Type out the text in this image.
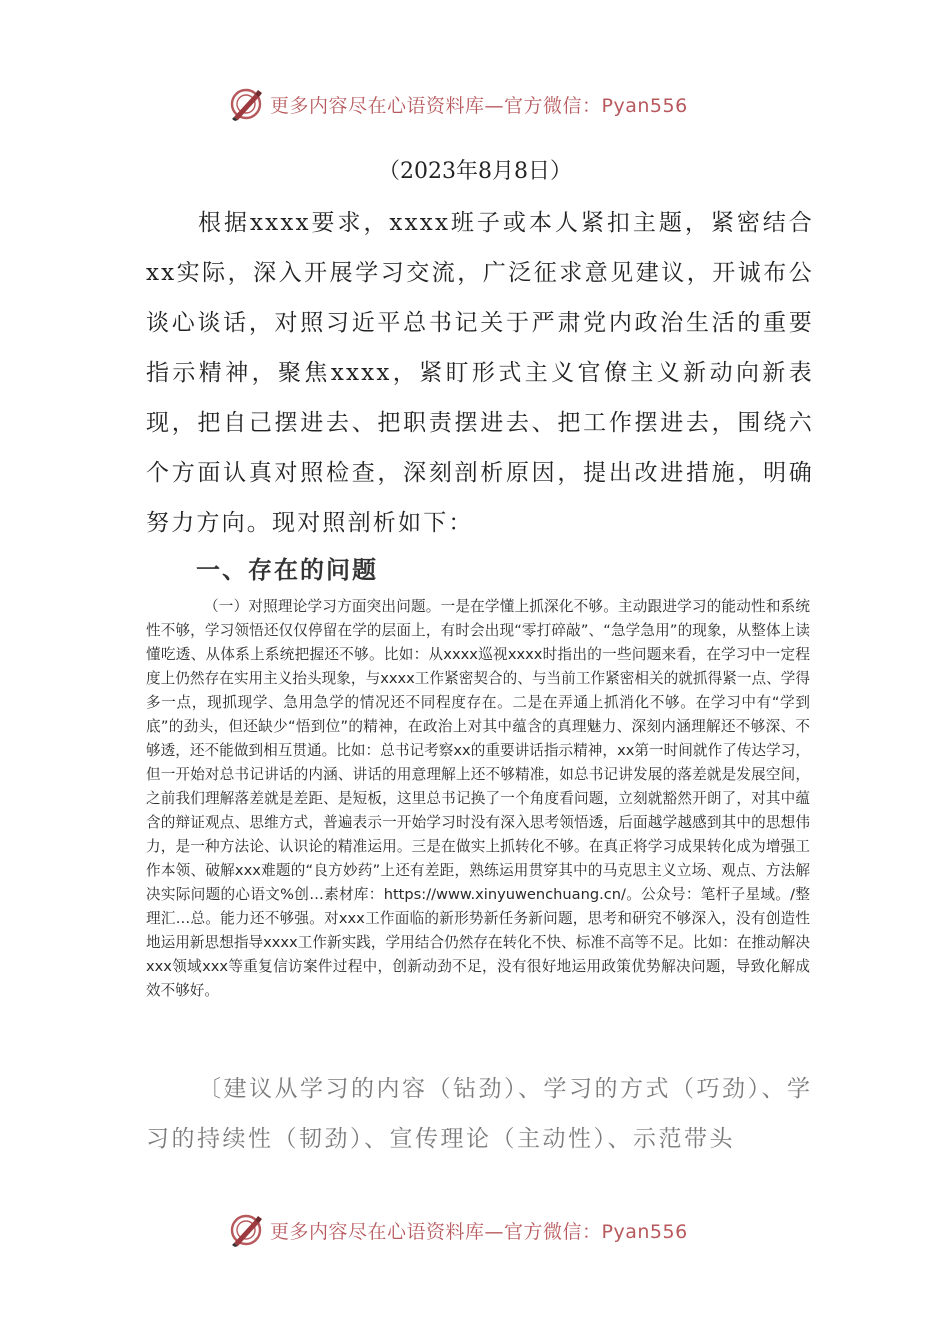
更多内容尽在心语资料库—官方微信：Pyan556
（2023年8月8日）

根据xxxx要求，xxxx班子或本人紧扣主题，紧密结合xx实际，深入开展学习交流，广泛征求意见建议，开诚布公谈心谈话，对照习近平总书记关于严肃党内政治生活的重要指示精神，聚焦xxxx，紧盯形式主义官僚主义新动向新表现，把自己摆进去、把职责摆进去、把工作摆进去，围绕六个方面认真对照检查，深刻剖析原因，提出改进措施，明确努力方向。现对照剖析如下：

一、存在的问题

（一）对照理论学习方面突出问题。一是在学懂上抓深化不够。主动跟进学习的能动性和系统性不够，学习领悟还仅仅停留在学的层面上，有时会出现“零打碎敲”、“急学急用”的现象，从整体上读懂吃透、从体系上系统把握还不够。比如：从xxxx巡视xxxx时指出的一些问题来看，在学习中一定程度上仍然存在实用主义抬头现象，与xxxx工作紧密契合的、与当前工作紧密相关的就抓得紧一点、学得多一点，现抓现学、急用急学的情况还不同程度存在。二是在弄通上抓消化不够。在学习中有“学到底”的劲头，但还缺少“悟到位”的精神，在政治上对其中蕴含的真理魅力、深刻内涵理解还不够深、不够透，还不能做到相互贯通。比如：总书记考察xx的重要讲话指示精神，xx第一时间就作了传达学习，但一开始对总书记讲话的内涵、讲话的用意理解上还不够精准，如总书记讲发展的落差就是发展空间，之前我们理解落差就是差距、是短板，这里总书记换了一个角度看问题，立刻就豁然开朗了，对其中蕴含的辩证观点、思维方式，普遍表示一开始学习时没有深入思考领悟透，后面越学越感到其中的思想伟力，是一种方法论、认识论的精准运用。三是在做实上抓转化不够。在真正将学习成果转化成为增强工作本领、破解xxx难题的“良方妙药”上还有差距，熟练运用贯穿其中的马克思主义立场、观点、方法解决实际问题的心语文%创…素材库：https://www.xinyuwenchuang.cn/。公众号：笔杆子星域。/整理汇…总。能力还不够强。对xxx工作面临的新形势新任务新问题，思考和研究不够深入，没有创造性地运用新思想指导xxxx工作新实践，学用结合仍然存在转化不快、标准不高等不足。比如：在推动解决xxx领域xxx等重复信访案件过程中，创新动劲不足，没有很好地运用政策优势解决问题，导致化解成效不够好。

〔建议从学习的内容（钻劲）、学习的方式（巧劲）、学习的持续性（韧劲）、宣传理论（主动性）、示范带头

更多内容尽在心语资料库—官方微信：Pyan556
